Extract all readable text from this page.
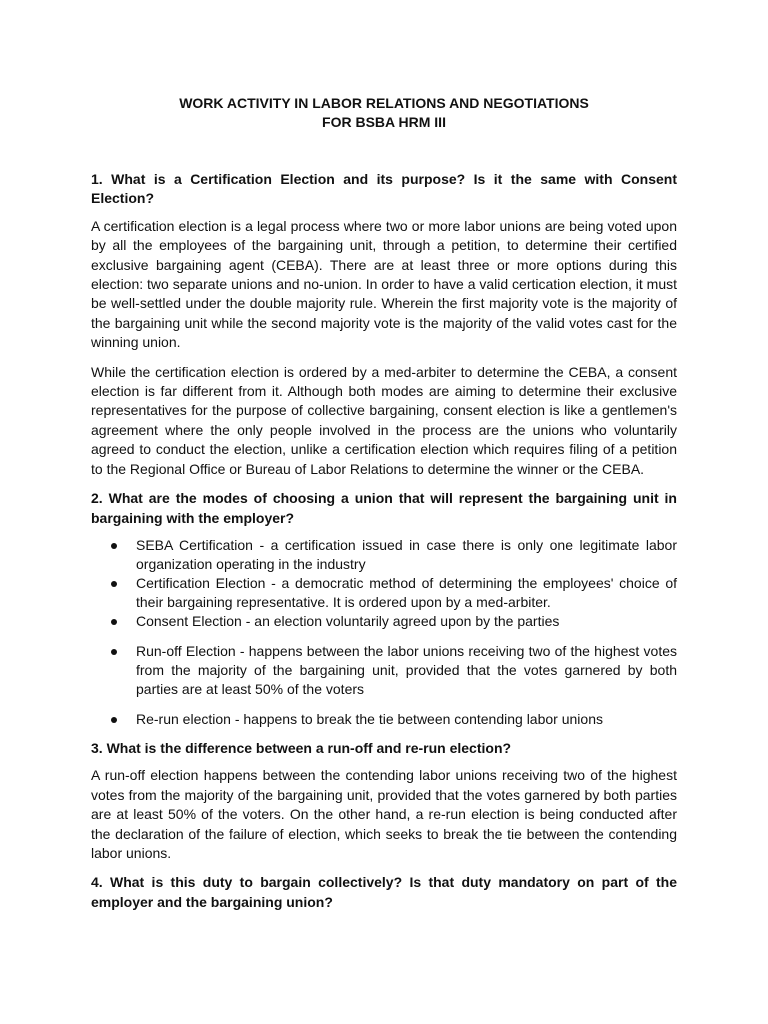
WORK ACTIVITY IN LABOR RELATIONS AND NEGOTIATIONS
FOR BSBA HRM III

1. What is a Certification Election and its purpose? Is it the same with Consent Election?

A certification election is a legal process where two or more labor unions are being voted upon by all the employees of the bargaining unit, through a petition, to determine their certified exclusive bargaining agent (CEBA). There are at least three or more options during this election: two separate unions and no-union. In order to have a valid certication election, it must be well-settled under the double majority rule. Wherein the first majority vote is the majority of the bargaining unit while the second majority vote is the majority of the valid votes cast for the winning union.

While the certification election is ordered by a med-arbiter to determine the CEBA, a consent election is far different from it. Although both modes are aiming to determine their exclusive representatives for the purpose of collective bargaining, consent election is like a gentlemen's agreement where the only people involved in the process are the unions who voluntarily agreed to conduct the election, unlike a certification election which requires filing of a petition to the Regional Office or Bureau of Labor Relations to determine the winner or the CEBA.

2. What are the modes of choosing a union that will represent the bargaining unit in bargaining with the employer?

SEBA Certification - a certification issued in case there is only one legitimate labor organization operating in the industry
Certification Election - a democratic method of determining the employees' choice of their bargaining representative. It is ordered upon by a med-arbiter.
Consent Election - an election voluntarily agreed upon by the parties
Run-off Election - happens between the labor unions receiving two of the highest votes from the majority of the bargaining unit, provided that the votes garnered by both parties are at least 50% of the voters
Re-run election - happens to break the tie between contending labor unions

3. What is the difference between a run-off and re-run election?

A run-off election happens between the contending labor unions receiving two of the highest votes from the majority of the bargaining unit, provided that the votes garnered by both parties are at least 50% of the voters. On the other hand, a re-run election is being conducted after the declaration of the failure of election, which seeks to break the tie between the contending labor unions.

4. What is this duty to bargain collectively? Is that duty mandatory on part of the employer and the bargaining union?
